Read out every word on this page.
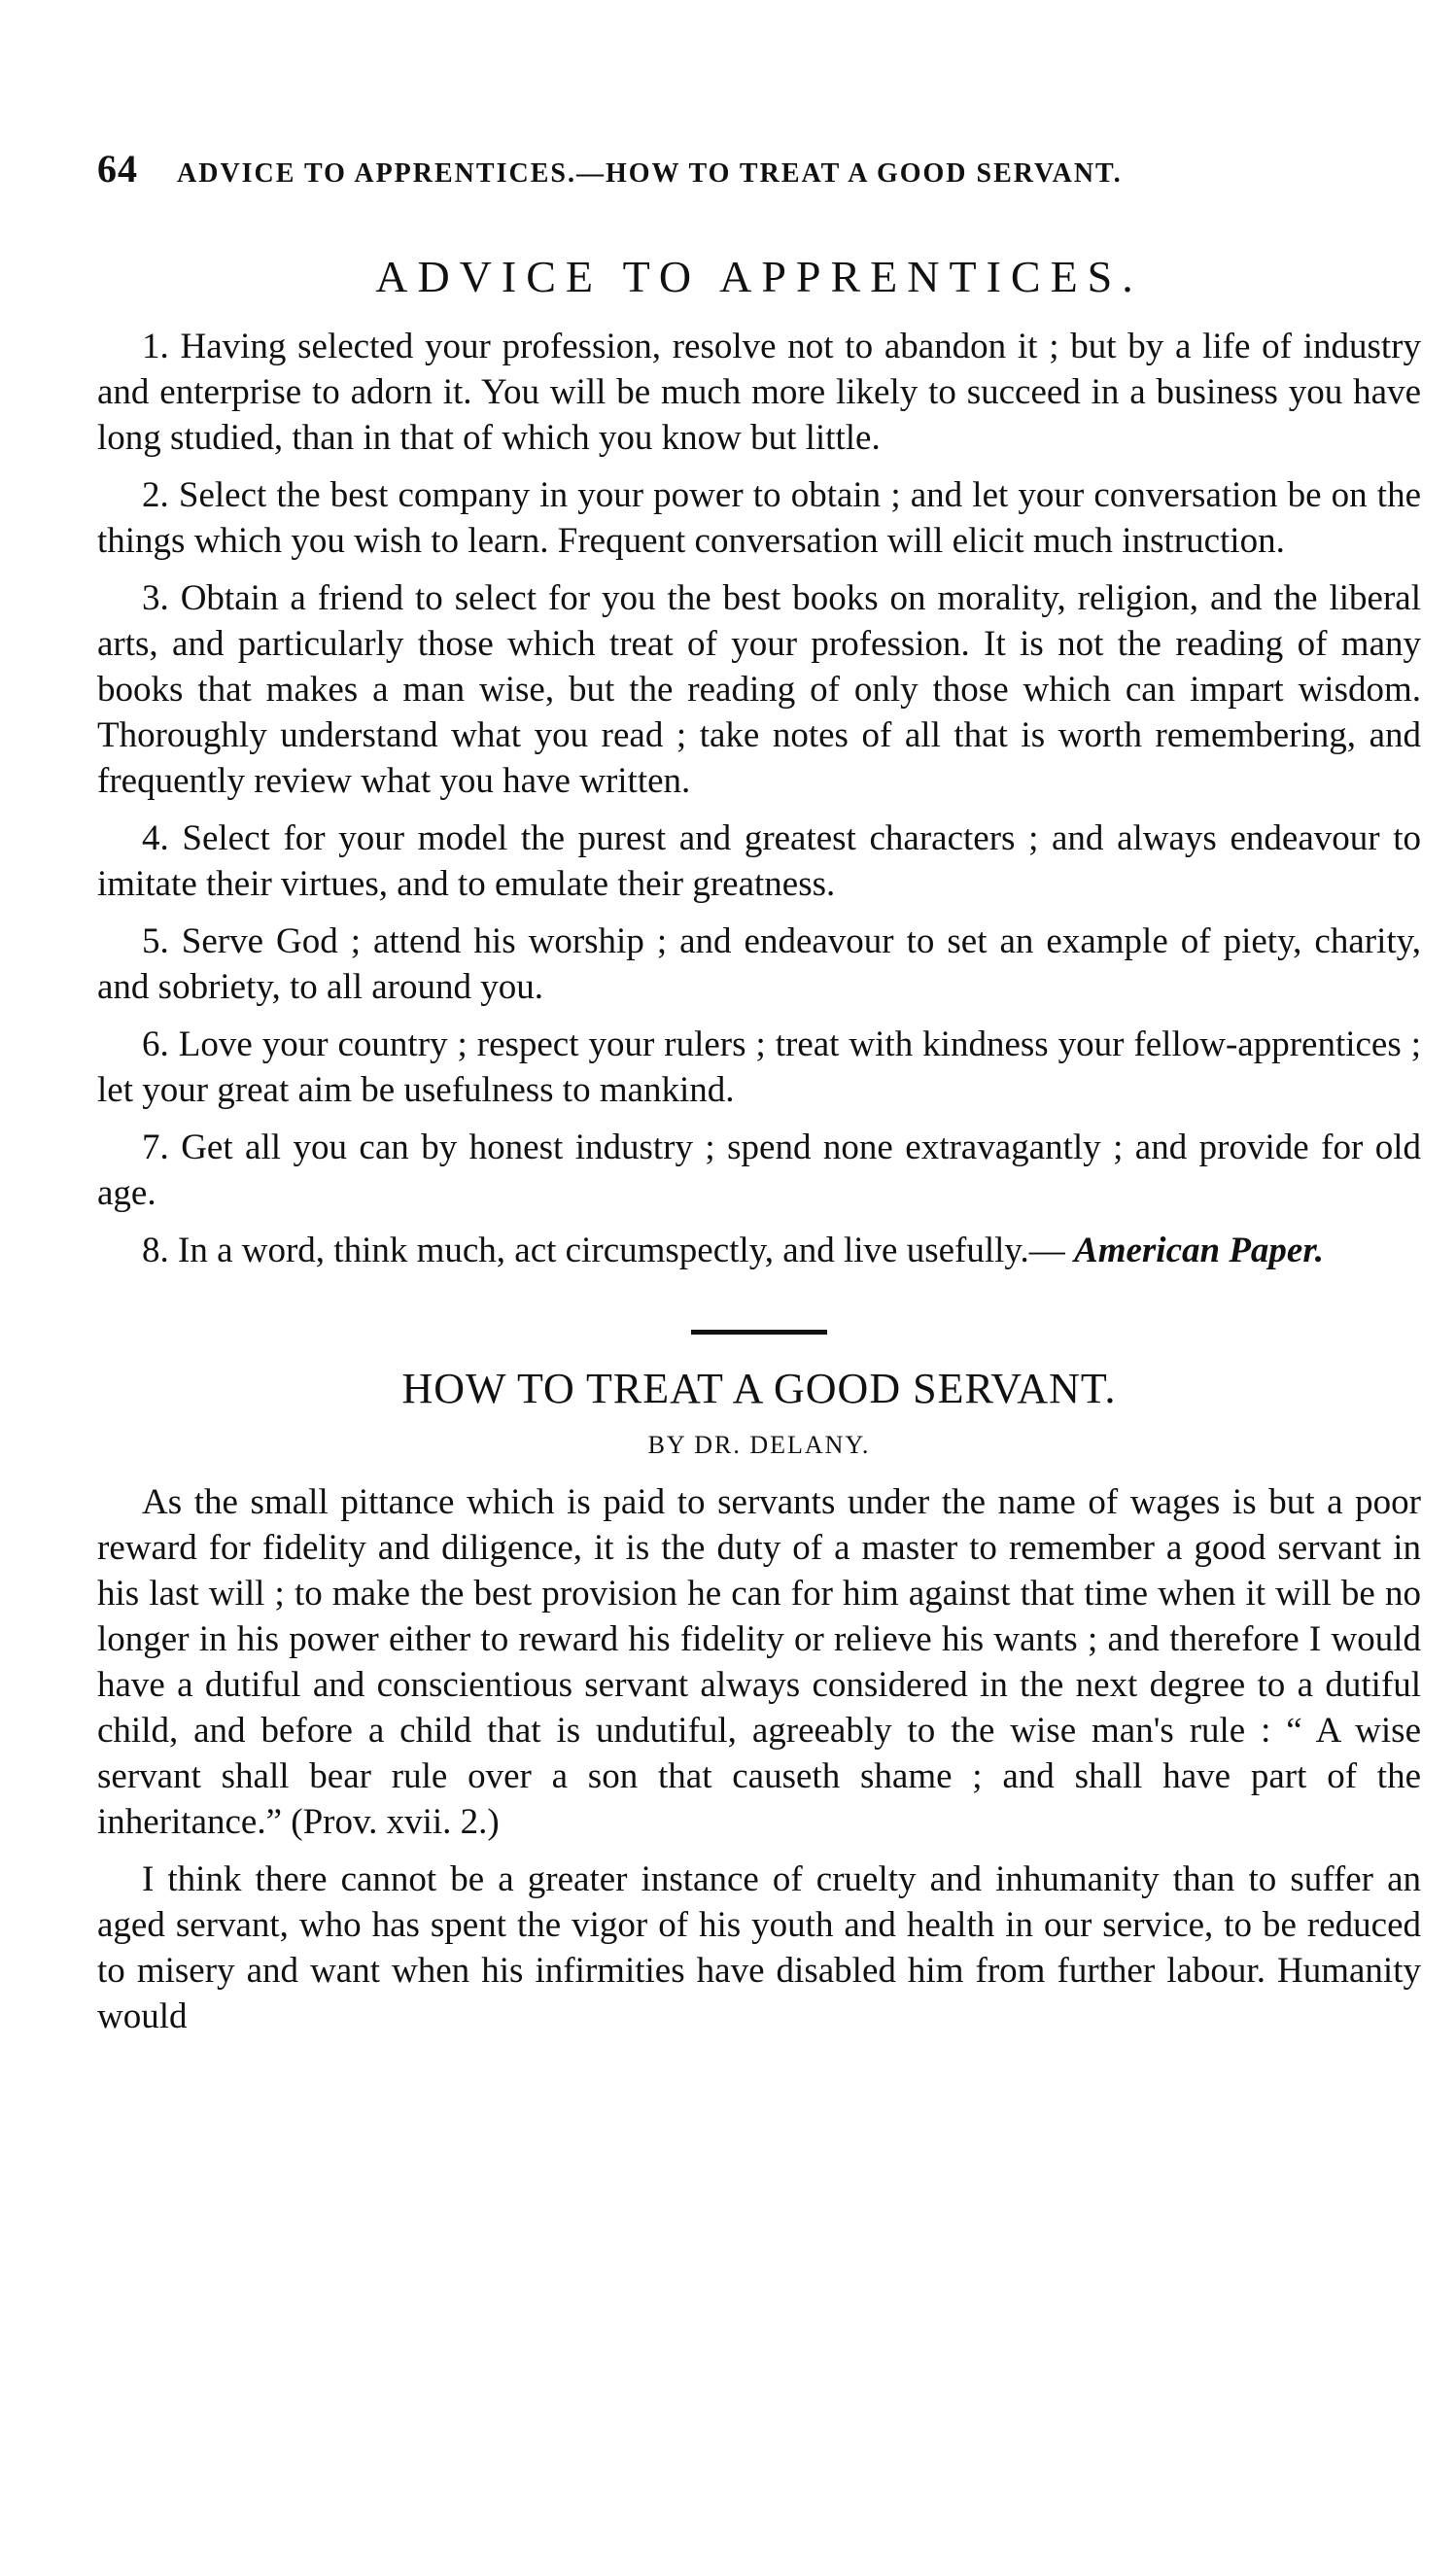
64 ADVICE TO APPRENTICES.—HOW TO TREAT A GOOD SERVANT.
ADVICE TO APPRENTICES.

1. Having selected your profession, resolve not to abandon it ; but by a life of industry and enterprise to adorn it. You will be much more likely to succeed in a business you have long studied, than in that of which you know but little.

2. Select the best company in your power to obtain ; and let your conversation be on the things which you wish to learn. Frequent conversation will elicit much instruction.

3. Obtain a friend to select for you the best books on morality, religion, and the liberal arts, and particularly those which treat of your profession. It is not the reading of many books that makes a man wise, but the reading of only those which can impart wisdom. Thoroughly understand what you read ; take notes of all that is worth remembering, and frequently review what you have written.

4. Select for your model the purest and greatest characters ; and always endeavour to imitate their virtues, and to emulate their greatness.

5. Serve God ; attend his worship ; and endeavour to set an example of piety, charity, and sobriety, to all around you.

6. Love your country ; respect your rulers ; treat with kindness your fellow-apprentices ; let your great aim be usefulness to mankind.

7. Get all you can by honest industry ; spend none extravagantly ; and provide for old age.

8. In a word, think much, act circumspectly, and live usefully.— American Paper.

HOW TO TREAT A GOOD SERVANT.
BY DR. DELANY.

As the small pittance which is paid to servants under the name of wages is but a poor reward for fidelity and diligence, it is the duty of a master to remember a good servant in his last will ; to make the best provision he can for him against that time when it will be no longer in his power either to reward his fidelity or relieve his wants ; and therefore I would have a dutiful and conscientious servant always considered in the next degree to a dutiful child, and before a child that is undutiful, agreeably to the wise man's rule : “ A wise servant shall bear rule over a son that causeth shame ; and shall have part of the inheritance.” (Prov. xvii. 2.)

I think there cannot be a greater instance of cruelty and inhumanity than to suffer an aged servant, who has spent the vigor of his youth and health in our service, to be reduced to misery and want when his infirmities have disabled him from further labour. Humanity would
